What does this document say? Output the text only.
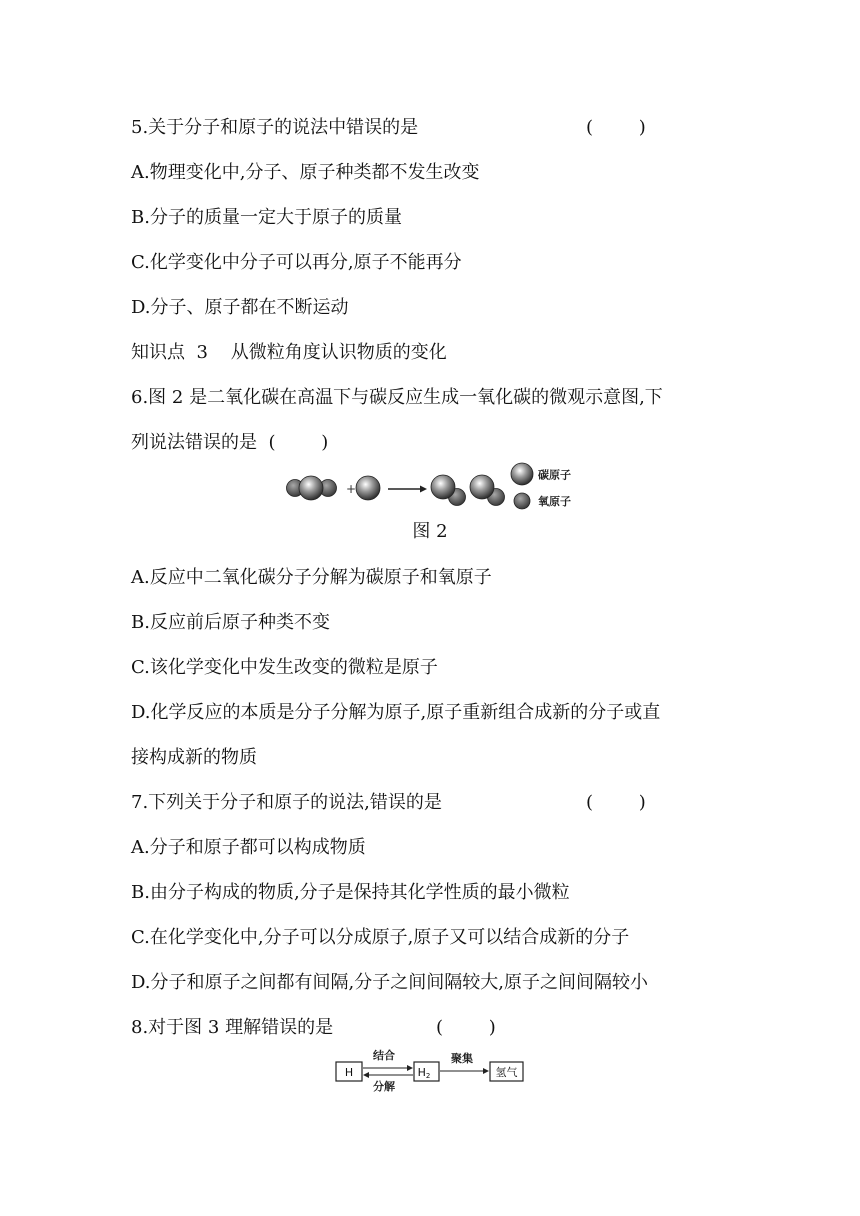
5.关于分子和原子的说法中错误的是	(        )
A.物理变化中,分子、原子种类都不发生改变
B.分子的质量一定大于原子的质量
C.化学变化中分子可以再分,原子不能再分
D.分子、原子都在不断运动
知识点  3    从微粒角度认识物质的变化
6.图 2 是二氧化碳在高温下与碳反应生成一氧化碳的微观示意图,下
列说法错误的是  (        )
+
碳原子
氧原子
图 2
A.反应中二氧化碳分子分解为碳原子和氧原子
B.反应前后原子种类不变
C.该化学变化中发生改变的微粒是原子
D.化学反应的本质是分子分解为原子,原子重新组合成新的分子或直
接构成新的物质
7.下列关于分子和原子的说法,错误的是	(        )
A.分子和原子都可以构成物质
B.由分子构成的物质,分子是保持其化学性质的最小微粒
C.在化学变化中,分子可以分成原子,原子又可以结合成新的分子
D.分子和原子之间都有间隔,分子之间间隔较大,原子之间间隔较小
8.对于图 3 理解错误的是	(        )
H
结合
分解
H2
聚集
氢气
